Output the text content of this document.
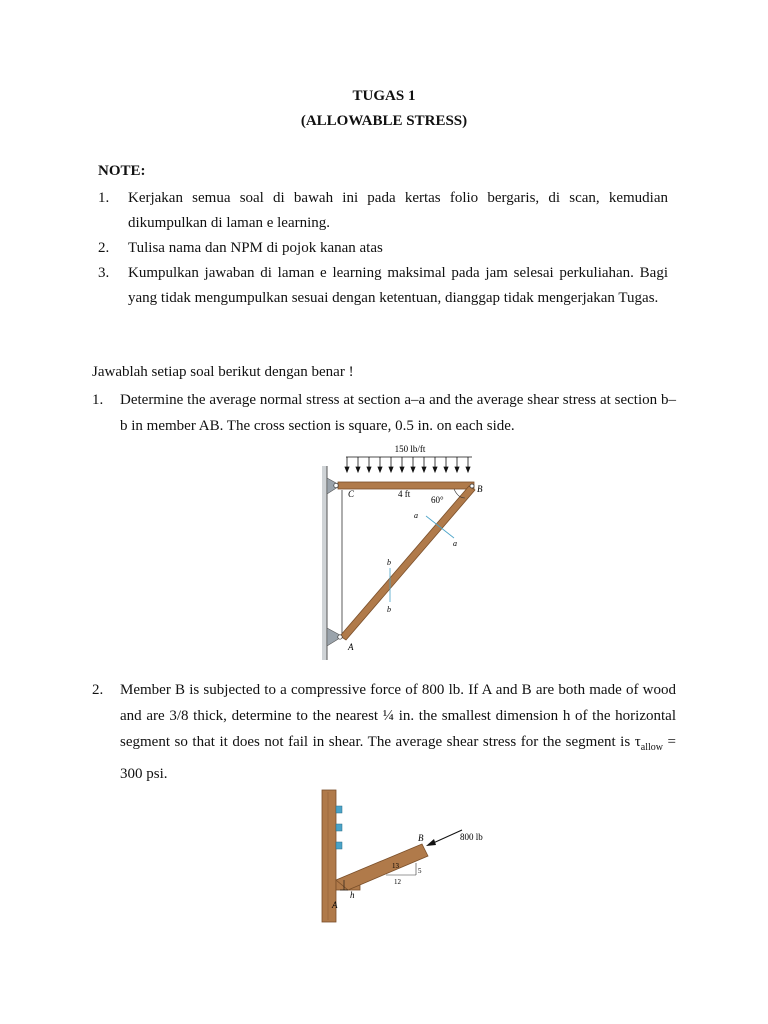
TUGAS 1
(ALLOWABLE STRESS)
NOTE:
1.	Kerjakan semua soal di bawah ini pada kertas folio bergaris, di scan, kemudian dikumpulkan di laman e learning.
2.	Tulisa nama dan NPM di pojok kanan atas
3.	Kumpulkan jawaban di laman e learning maksimal pada jam selesai perkuliahan. Bagi yang tidak mengumpulkan sesuai dengan ketentuan, dianggap tidak mengerjakan Tugas.
Jawablah setiap soal berikut dengan benar !
1.	Determine the average normal stress at section a–a and the average shear stress at section b–b in member AB. The cross section is square, 0.5 in. on each side.
150 lb/ft
C	4 ft
60°
B
a
a
b
b
A
2.	Member B is subjected to a compressive force of 800 lb. If A and B are both made of wood and are 3/8 thick, determine to the nearest ¼ in. the smallest dimension h of the horizontal segment so that it does not fail in shear. The average shear stress for the segment is $\tau_{allow} = 300$ psi.
800 lb
B
13
5
12
h
A
